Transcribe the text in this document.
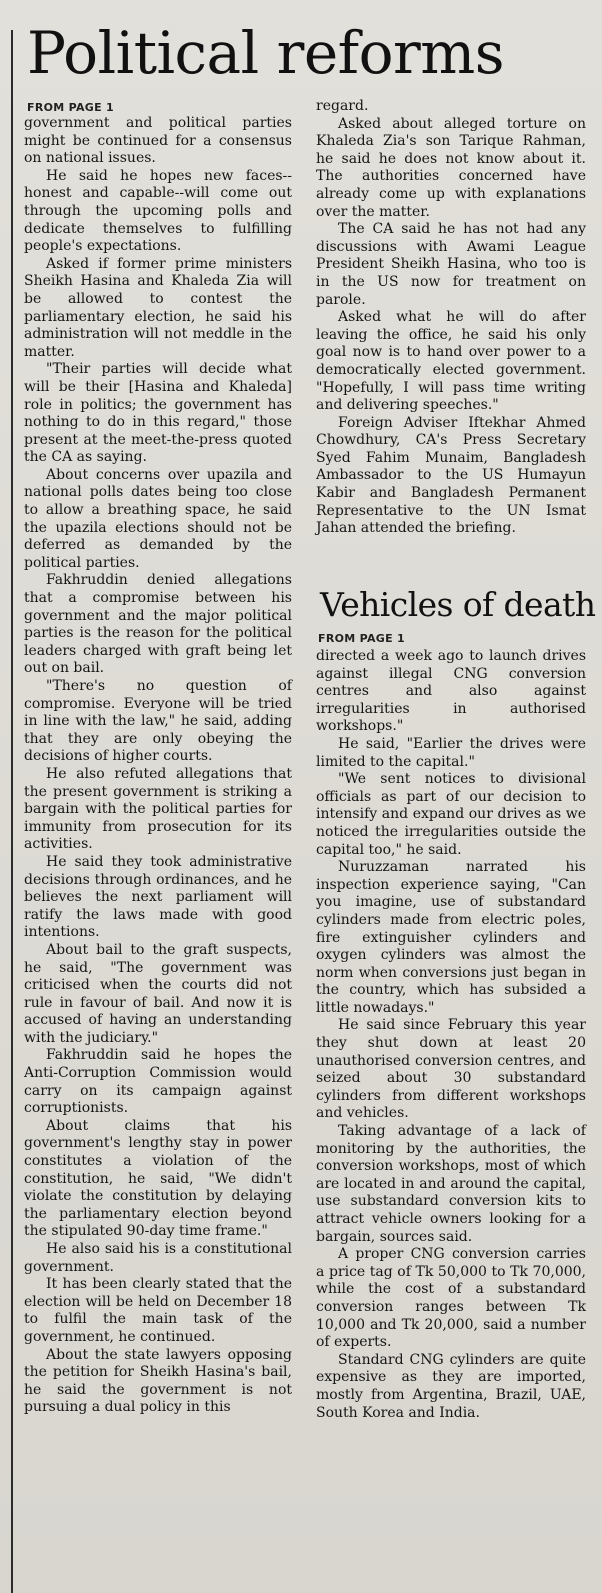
Political reforms
FROM PAGE 1

government and political parties might be continued for a consensus on national issues.

He said he hopes new faces--honest and capable--will come out through the upcoming polls and dedicate themselves to fulfilling people's expectations.

Asked if former prime ministers Sheikh Hasina and Khaleda Zia will be allowed to contest the parliamentary election, he said his administration will not meddle in the matter.

"Their parties will decide what will be their [Hasina and Khaleda] role in politics; the government has nothing to do in this regard," those present at the meet-the-press quoted the CA as saying.

About concerns over upazila and national polls dates being too close to allow a breathing space, he said the upazila elections should not be deferred as demanded by the political parties.

Fakhruddin denied allegations that a compromise between his government and the major political parties is the reason for the political leaders charged with graft being let out on bail.

"There's no question of compromise. Everyone will be tried in line with the law," he said, adding that they are only obeying the decisions of higher courts.

He also refuted allegations that the present government is striking a bargain with the political parties for immunity from prosecution for its activities.

He said they took administrative decisions through ordinances, and he believes the next parliament will ratify the laws made with good intentions.

About bail to the graft suspects, he said, "The government was criticised when the courts did not rule in favour of bail. And now it is accused of having an understanding with the judiciary."

Fakhruddin said he hopes the Anti-Corruption Commission would carry on its campaign against corruptionists.

About claims that his government's lengthy stay in power constitutes a violation of the constitution, he said, "We didn't violate the constitution by delaying the parliamentary election beyond the stipulated 90-day time frame."

He also said his is a constitutional government.

It has been clearly stated that the election will be held on December 18 to fulfil the main task of the government, he continued.

About the state lawyers opposing the petition for Sheikh Hasina's bail, he said the government is not pursuing a dual policy in this

regard.

Asked about alleged torture on Khaleda Zia's son Tarique Rahman, he said he does not know about it. The authorities concerned have already come up with explanations over the matter.

The CA said he has not had any discussions with Awami League President Sheikh Hasina, who too is in the US now for treatment on parole.

Asked what he will do after leaving the office, he said his only goal now is to hand over power to a democratically elected government. "Hopefully, I will pass time writing and delivering speeches."

Foreign Adviser Iftekhar Ahmed Chowdhury, CA's Press Secretary Syed Fahim Munaim, Bangladesh Ambassador to the US Humayun Kabir and Bangladesh Permanent Representative to the UN Ismat Jahan attended the briefing.

Vehicles of death
FROM PAGE 1

directed a week ago to launch drives against illegal CNG conversion centres and also against irregularities in authorised workshops."

He said, "Earlier the drives were limited to the capital."

"We sent notices to divisional officials as part of our decision to intensify and expand our drives as we noticed the irregularities outside the capital too," he said.

Nuruzzaman narrated his inspection experience saying, "Can you imagine, use of substandard cylinders made from electric poles, fire extinguisher cylinders and oxygen cylinders was almost the norm when conversions just began in the country, which has subsided a little nowadays."

He said since February this year they shut down at least 20 unauthorised conversion centres, and seized about 30 substandard cylinders from different workshops and vehicles.

Taking advantage of a lack of monitoring by the authorities, the conversion workshops, most of which are located in and around the capital, use substandard conversion kits to attract vehicle owners looking for a bargain, sources said.

A proper CNG conversion carries a price tag of Tk 50,000 to Tk 70,000, while the cost of a substandard conversion ranges between Tk 10,000 and Tk 20,000, said a number of experts.

Standard CNG cylinders are quite expensive as they are imported, mostly from Argentina, Brazil, UAE, South Korea and India.
